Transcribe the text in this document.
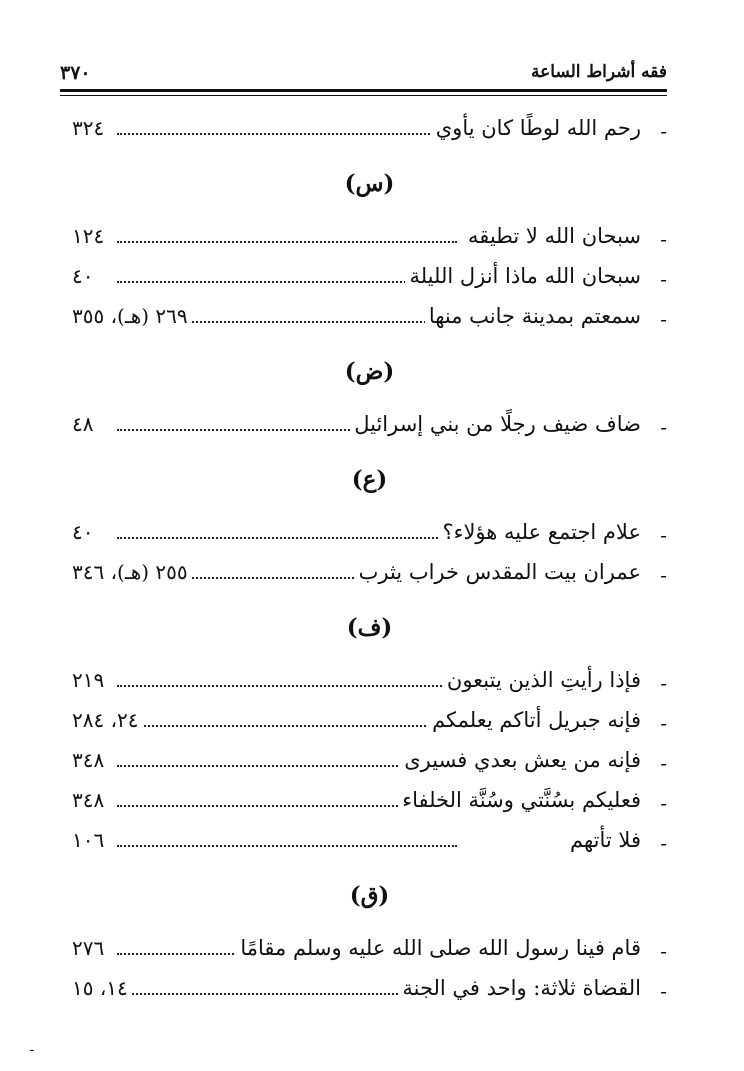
٣٧٠	فقه أشراط الساعة
-
رحم الله لوطًا كان يأوي
٣٢٤
(س)
-
سبحان الله لا تطيقه
١٢٤
-
سبحان الله ماذا أنزل الليلة
٤٠
-
سمعتم بمدينة جانب منها
٢٦٩ (هـ)، ٣٥٥
(ض)
-
ضاف ضيف رجلًا من بني إسرائيل
٤٨
(ع)
-
علام اجتمع عليه هؤلاء؟
٤٠
-
عمران بيت المقدس خراب يثرب
٢٥٥ (هـ)، ٣٤٦
(ف)
-
فإذا رأيتِ الذين يتبعون
٢١٩
-
فإنه جبريل أتاكم يعلمكم
٢٤، ٢٨٤
-
فإنه من يعش بعدي فسيرى
٣٤٨
-
فعليكم بسُنَّتي وسُنَّة الخلفاء
٣٤٨
-
فلا تأتهم
١٠٦
(ق)
-
قام فينا رسول الله صلى الله عليه وسلم مقامًا
٢٧٦
-
القضاة ثلاثة: واحد في الجنة
١٤، ١٥
ـ
